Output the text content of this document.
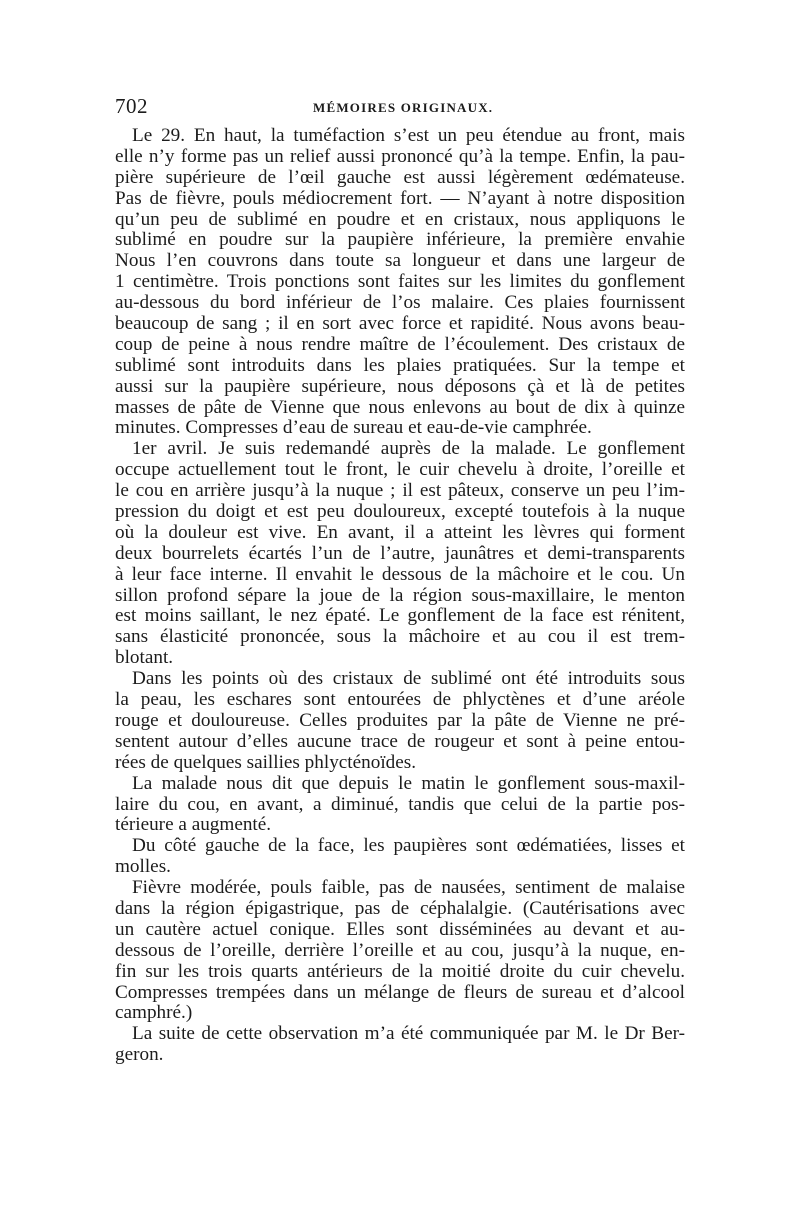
702	MÉMOIRES ORIGINAUX.
Le 29. En haut, la tuméfaction s’est un peu étendue au front, mais
elle n’y forme pas un relief aussi prononcé qu’à la tempe. Enfin, la pau-
pière supérieure de l’œil gauche est aussi légèrement œdémateuse.
Pas de fièvre, pouls médiocrement fort. — N’ayant à notre disposition
qu’un peu de sublimé en poudre et en cristaux, nous appliquons le
sublimé en poudre sur la paupière inférieure, la première envahie
Nous l’en couvrons dans toute sa longueur et dans une largeur de
1 centimètre. Trois ponctions sont faites sur les limites du gonflement
au-dessous du bord inférieur de l’os malaire. Ces plaies fournissent
beaucoup de sang ; il en sort avec force et rapidité. Nous avons beau-
coup de peine à nous rendre maître de l’écoulement. Des cristaux de
sublimé sont introduits dans les plaies pratiquées. Sur la tempe et
aussi sur la paupière supérieure, nous déposons çà et là de petites
masses de pâte de Vienne que nous enlevons au bout de dix à quinze
minutes. Compresses d’eau de sureau et eau-de-vie camphrée.
1er avril. Je suis redemandé auprès de la malade. Le gonflement
occupe actuellement tout le front, le cuir chevelu à droite, l’oreille et
le cou en arrière jusqu’à la nuque ; il est pâteux, conserve un peu l’im-
pression du doigt et est peu douloureux, excepté toutefois à la nuque
où la douleur est vive. En avant, il a atteint les lèvres qui forment
deux bourrelets écartés l’un de l’autre, jaunâtres et demi-transparents
à leur face interne. Il envahit le dessous de la mâchoire et le cou. Un
sillon profond sépare la joue de la région sous-maxillaire, le menton
est moins saillant, le nez épaté. Le gonflement de la face est rénitent,
sans élasticité prononcée, sous la mâchoire et au cou il est trem-
blotant.
Dans les points où des cristaux de sublimé ont été introduits sous
la peau, les eschares sont entourées de phlyctènes et d’une aréole
rouge et douloureuse. Celles produites par la pâte de Vienne ne pré-
sentent autour d’elles aucune trace de rougeur et sont à peine entou-
rées de quelques saillies phlycténoïdes.
La malade nous dit que depuis le matin le gonflement sous-maxil-
laire du cou, en avant, a diminué, tandis que celui de la partie pos-
térieure a augmenté.
Du côté gauche de la face, les paupières sont œdématiées, lisses et
molles.
Fièvre modérée, pouls faible, pas de nausées, sentiment de malaise
dans la région épigastrique, pas de céphalalgie. (Cautérisations avec
un cautère actuel conique. Elles sont disséminées au devant et au-
dessous de l’oreille, derrière l’oreille et au cou, jusqu’à la nuque, en-
fin sur les trois quarts antérieurs de la moitié droite du cuir chevelu.
Compresses trempées dans un mélange de fleurs de sureau et d’alcool
camphré.)
La suite de cette observation m’a été communiquée par M. le Dr Ber-
geron.
